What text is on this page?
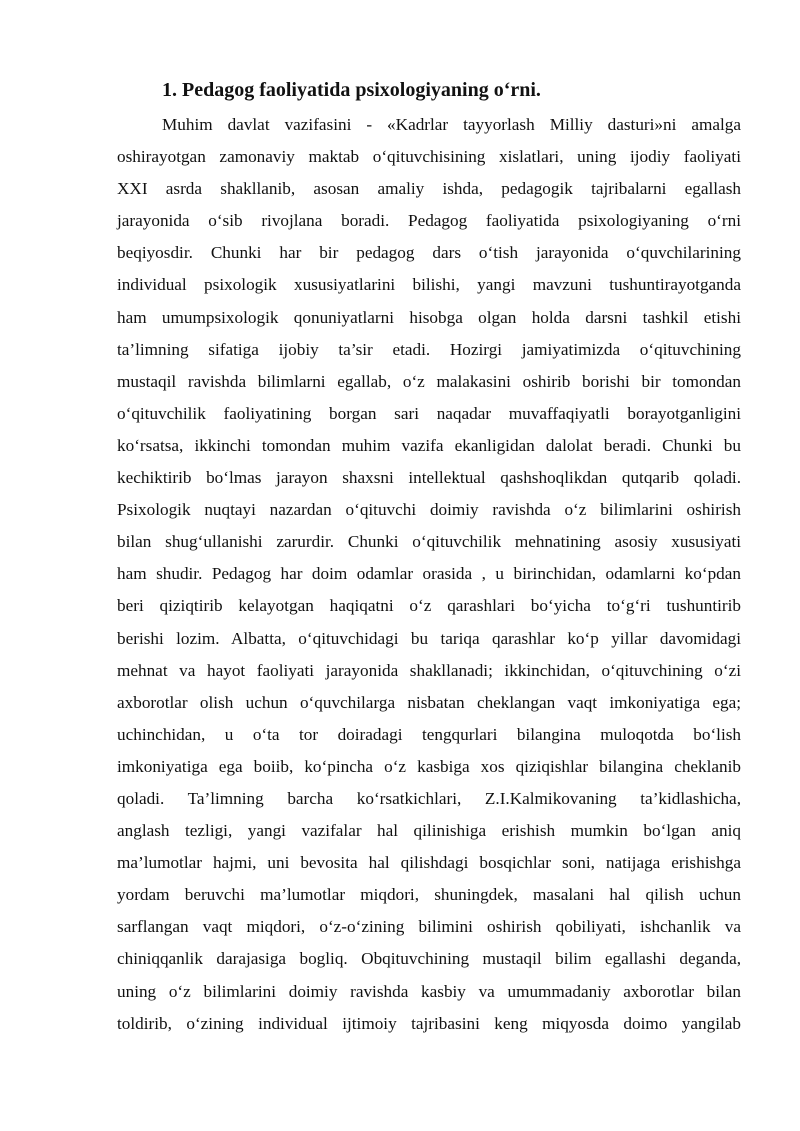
1. Pedagog faoliyatida psixologiyaning o‘rni.
Muhim davlat vazifasini - «Kadrlar tayyorlash Milliy dasturi»ni amalga
oshirayotgan zamonaviy maktab o‘qituvchisining xislatlari, uning ijodiy faoliyati
XXI asrda shakllanib, asosan amaliy ishda, pedagogik tajribalarni egallash
jarayonida o‘sib rivojlana boradi. Pedagog faoliyatida psixologiyaning o‘rni
beqiyosdir. Chunki har bir pedagog dars o‘tish jarayonida o‘quvchilarining
individual psixologik xususiyatlarini bilishi, yangi mavzuni tushuntirayotganda
ham umumpsixologik qonuniyatlarni hisobga olgan holda darsni tashkil etishi
ta’limning sifatiga ijobiy ta’sir etadi. Hozirgi jamiyatimizda o‘qituvchining
mustaqil ravishda bilimlarni egallab, o‘z malakasini oshirib borishi bir tomondan
o‘qituvchilik faoliyatining borgan sari naqadar muvaffaqiyatli borayotganligini
ko‘rsatsa, ikkinchi tomondan muhim vazifa ekanligidan dalolat beradi. Chunki bu
kechiktirib bo‘lmas jarayon shaxsni intellektual qashshoqlikdan qutqarib qoladi.
Psixologik nuqtayi nazardan o‘qituvchi doimiy ravishda o‘z bilimlarini oshirish
bilan shug‘ullanishi zarurdir. Chunki o‘qituvchilik mehnatining asosiy xususiyati
ham shudir. Pedagog har doim odamlar orasida , u birinchidan, odamlarni ko‘pdan
beri qiziqtirib kelayotgan haqiqatni o‘z qarashlari bo‘yicha to‘g‘ri tushuntirib
berishi lozim. Albatta, o‘qituvchidagi bu tariqa qarashlar ko‘p yillar davomidagi
mehnat va hayot faoliyati jarayonida shakllanadi; ikkinchidan, o‘qituvchining o‘zi
axborotlar olish uchun o‘quvchilarga nisbatan cheklangan vaqt imkoniyatiga ega;
uchinchidan, u o‘ta tor doiradagi tengqurlari bilangina muloqotda bo‘lish
imkoniyatiga ega boiib, ko‘pincha o‘z kasbiga xos qiziqishlar bilangina cheklanib
qoladi. Ta’limning barcha ko‘rsatkichlari, Z.I.Kalmikovaning ta’kidlashicha,
anglash tezligi, yangi vazifalar hal qilinishiga erishish mumkin bo‘lgan aniq
ma’lumotlar hajmi, uni bevosita hal qilishdagi bosqichlar soni, natijaga erishishga
yordam beruvchi ma’lumotlar miqdori, shuningdek, masalani hal qilish uchun
sarflangan vaqt miqdori, o‘z-o‘zining bilimini oshirish qobiliyati, ishchanlik va
chiniqqanlik darajasiga bogliq. Obqituvchining mustaqil bilim egallashi deganda,
uning o‘z bilimlarini doimiy ravishda kasbiy va umummadaniy axborotlar bilan
toldirib, o‘zining individual ijtimoiy tajribasini keng miqyosda doimo yangilab
